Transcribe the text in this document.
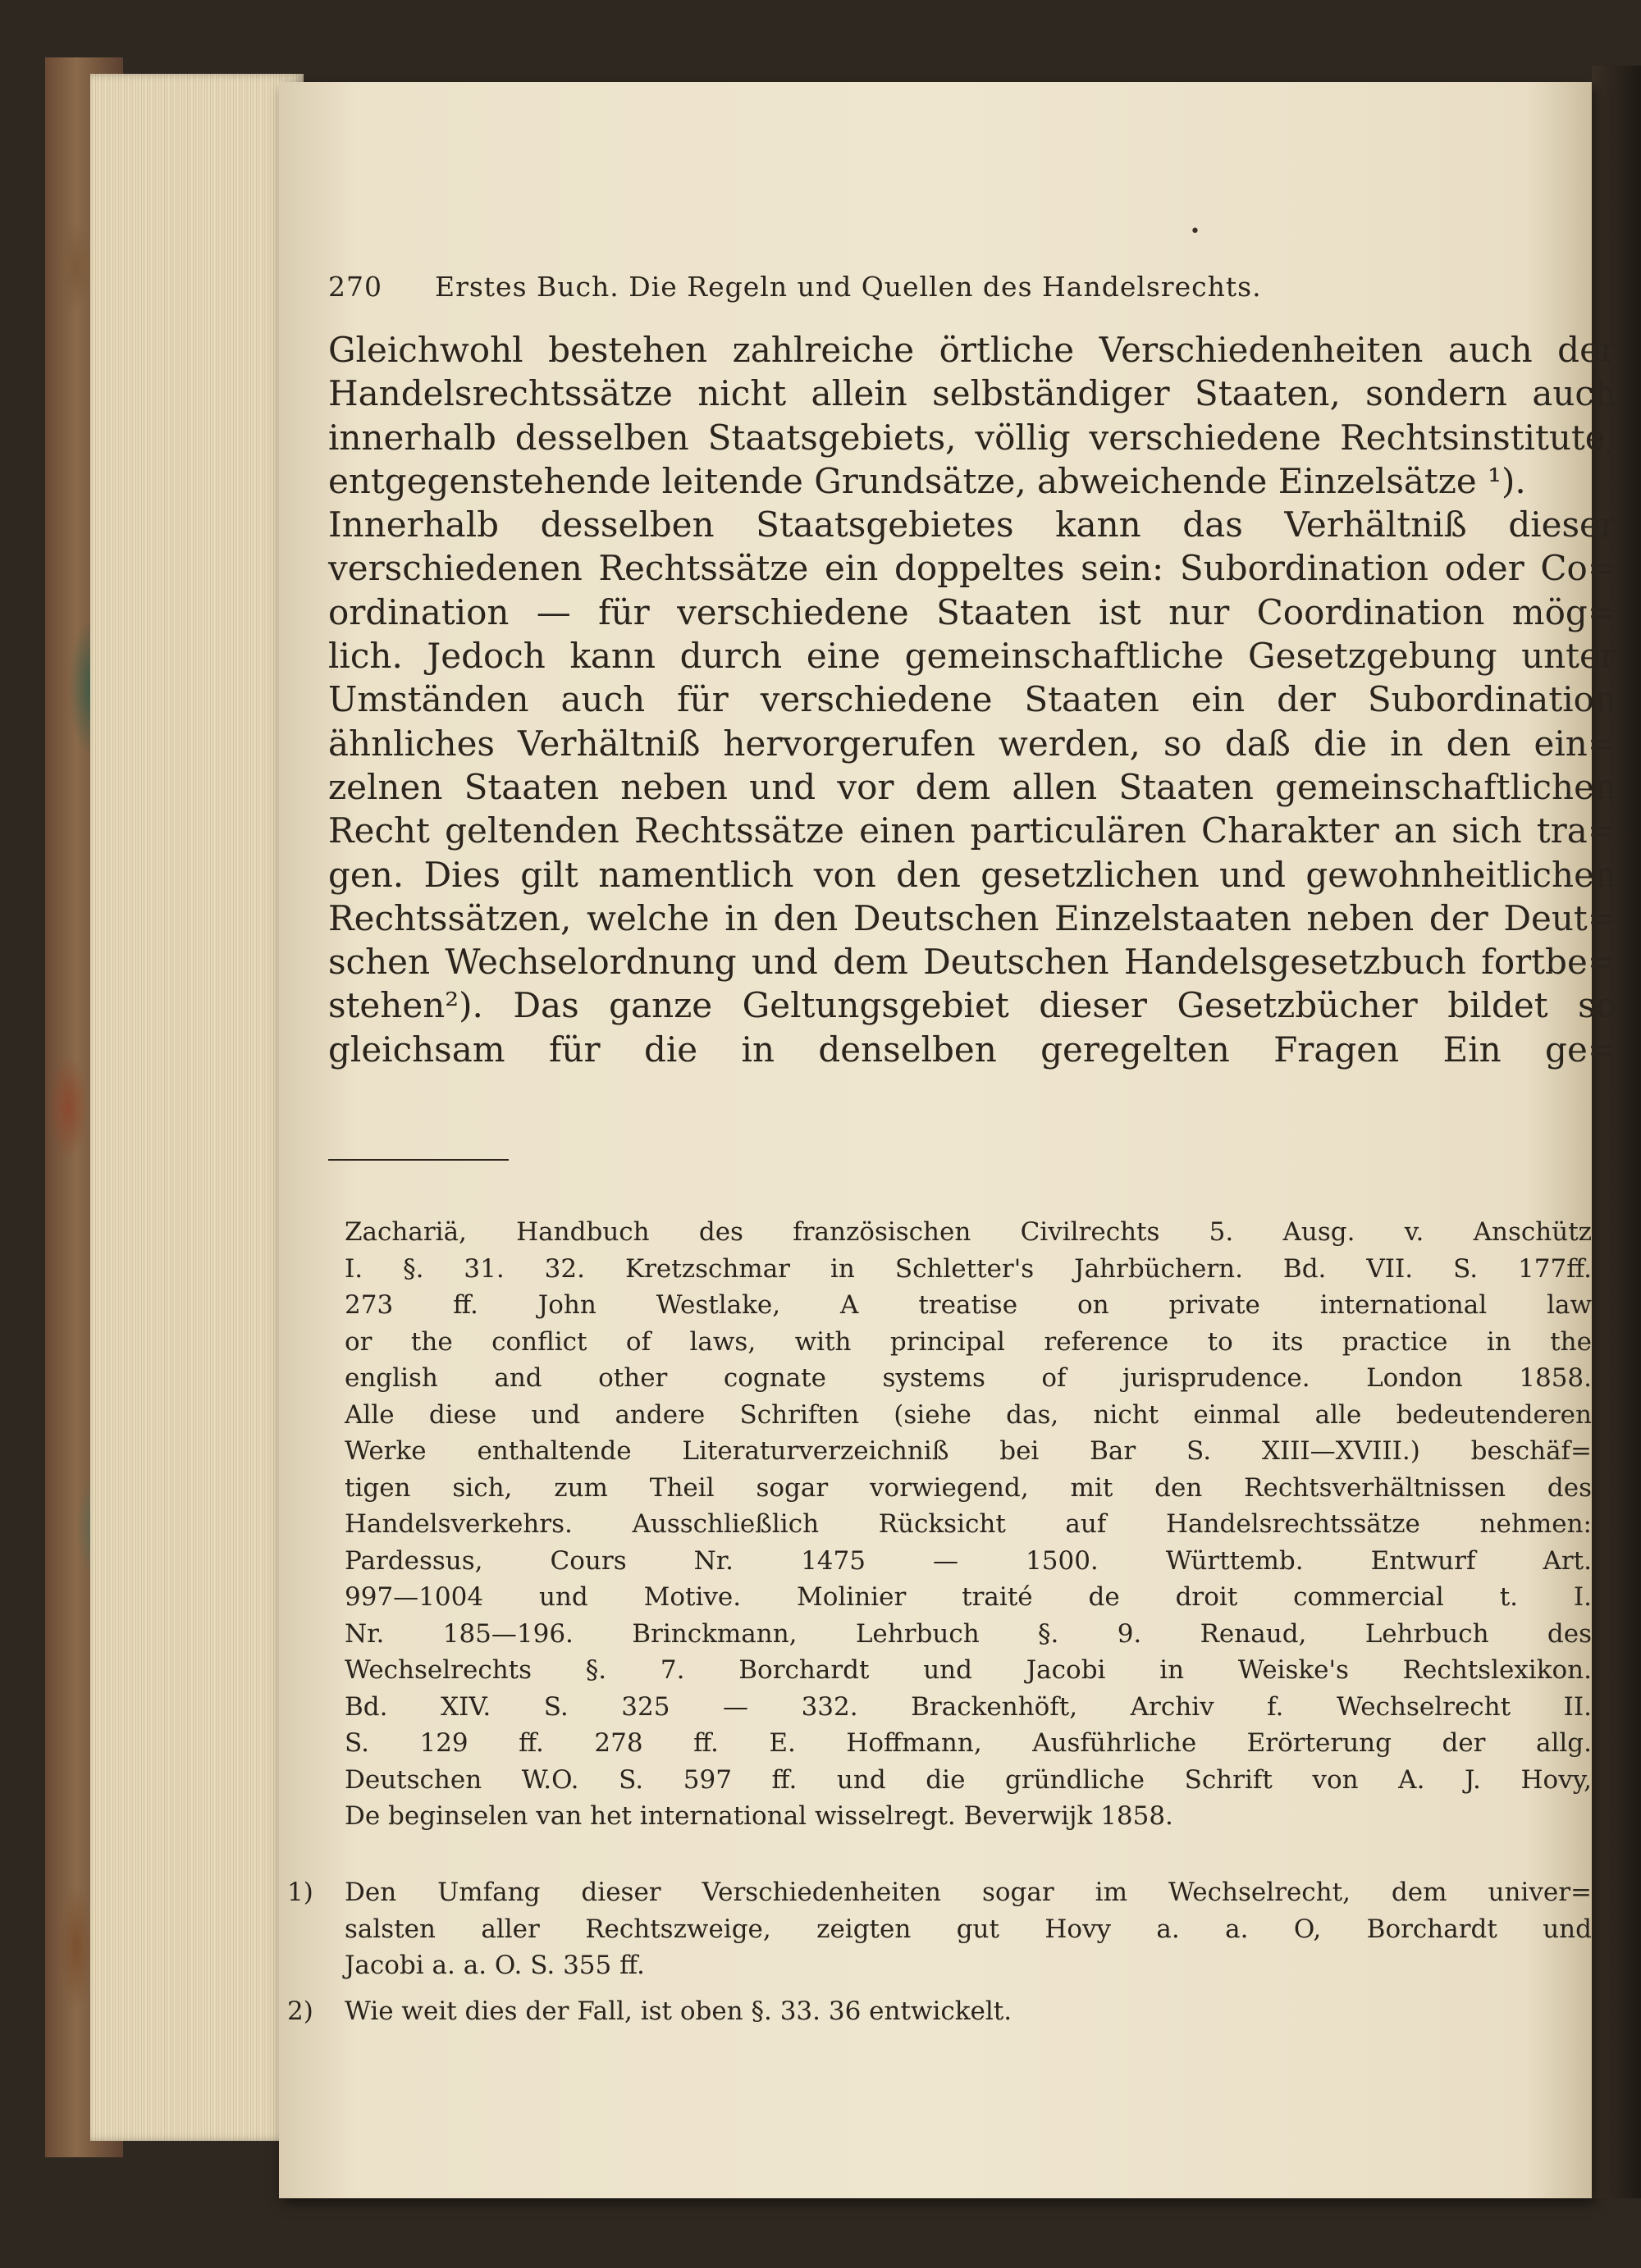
•
270 Erstes Buch. Die Regeln und Quellen des Handelsrechts.
Gleichwohl bestehen zahlreiche örtliche Verschiedenheiten auch der
Handelsrechtssätze nicht allein selbständiger Staaten, sondern auch
innerhalb desselben Staatsgebiets, völlig verschiedene Rechtsinstitute,
entgegenstehende leitende Grundsätze, abweichende Einzelsätze ¹).
Innerhalb desselben Staatsgebietes kann das Verhältniß dieser
verschiedenen Rechtssätze ein doppeltes sein: Subordination oder Co=
ordination — für verschiedene Staaten ist nur Coordination mög=
lich. Jedoch kann durch eine gemeinschaftliche Gesetzgebung unter
Umständen auch für verschiedene Staaten ein der Subordination
ähnliches Verhältniß hervorgerufen werden, so daß die in den ein=
zelnen Staaten neben und vor dem allen Staaten gemeinschaftlichen
Recht geltenden Rechtssätze einen particulären Charakter an sich tra=
gen. Dies gilt namentlich von den gesetzlichen und gewohnheitlichen
Rechtssätzen, welche in den Deutschen Einzelstaaten neben der Deut=
schen Wechselordnung und dem Deutschen Handelsgesetzbuch fortbe=
stehen²). Das ganze Geltungsgebiet dieser Gesetzbücher bildet so
gleichsam für die in denselben geregelten Fragen Ein ge=
Zachariä, Handbuch des französischen Civilrechts 5. Ausg. v. Anschütz
I. §. 31. 32. Kretzschmar in Schletter's Jahrbüchern. Bd. VII. S. 177ff.
273 ff. John Westlake, A treatise on private international law
or the conflict of laws, with principal reference to its practice in the
english and other cognate systems of jurisprudence. London 1858.
Alle diese und andere Schriften (siehe das, nicht einmal alle bedeutenderen
Werke enthaltende Literaturverzeichniß bei Bar S. XIII—XVIII.) beschäf=
tigen sich, zum Theil sogar vorwiegend, mit den Rechtsverhältnissen des
Handelsverkehrs. Ausschließlich Rücksicht auf Handelsrechtssätze nehmen:
Pardessus, Cours Nr. 1475 — 1500. Württemb. Entwurf Art.
997—1004 und Motive. Molinier traité de droit commercial t. I.
Nr. 185—196. Brinckmann, Lehrbuch §. 9. Renaud, Lehrbuch des
Wechselrechts §. 7. Borchardt und Jacobi in Weiske's Rechtslexikon.
Bd. XIV. S. 325 — 332. Brackenhöft, Archiv f. Wechselrecht II.
S. 129 ff. 278 ff. E. Hoffmann, Ausführliche Erörterung der allg.
Deutschen W.O. S. 597 ff. und die gründliche Schrift von A. J. Hovy,
De beginselen van het international wisselregt. Beverwijk 1858.
1) Den Umfang dieser Verschiedenheiten sogar im Wechselrecht, dem univer=
salsten aller Rechtszweige, zeigten gut Hovy a. a. O, Borchardt und
Jacobi a. a. O. S. 355 ff.
2) Wie weit dies der Fall, ist oben §. 33. 36 entwickelt.
